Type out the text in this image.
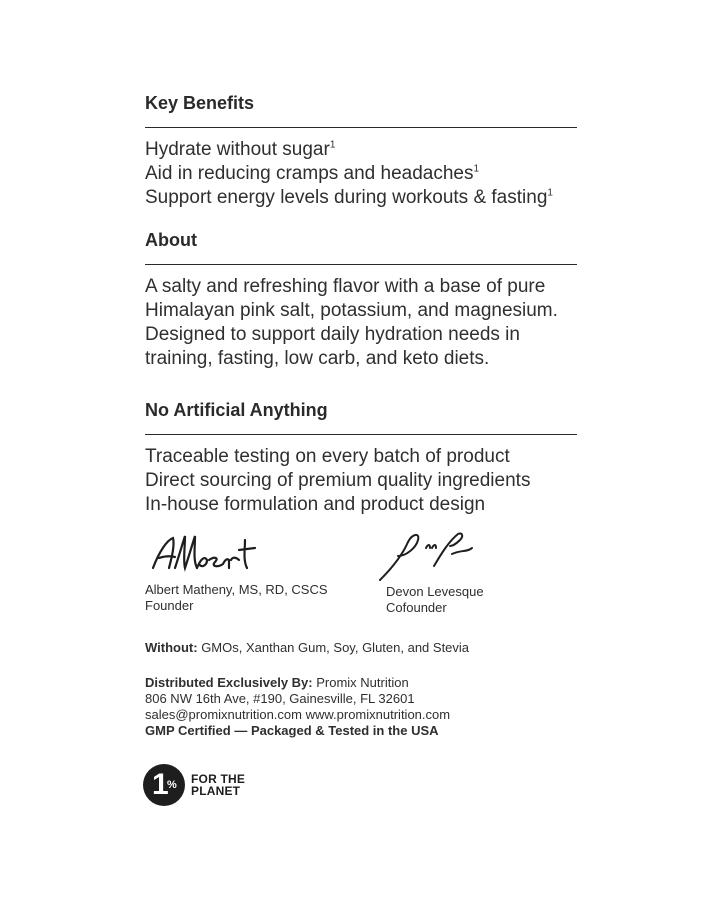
Key Benefits
Hydrate without sugar$^1$
Aid in reducing cramps and headaches$^1$
Support energy levels during workouts & fasting$^1$
About
A salty and refreshing flavor with a base of pure
Himalayan pink salt, potassium, and magnesium.
Designed to support daily hydration needs in
training, fasting, low carb, and keto diets.
No Artificial Anything
Traceable testing on every batch of product
Direct sourcing of premium quality ingredients
In-house formulation and product design
Albert Matheny, MS, RD, CSCS
Founder
Devon Levesque
Cofounder
Without: GMOs, Xanthan Gum, Soy, Gluten, and Stevia
Distributed Exclusively By: Promix Nutrition
806 NW 16th Ave, #190, Gainesville, FL 32601
sales@promixnutrition.com www.promixnutrition.com
GMP Certified — Packaged & Tested in the USA
1
% FOR THE
PLANET
